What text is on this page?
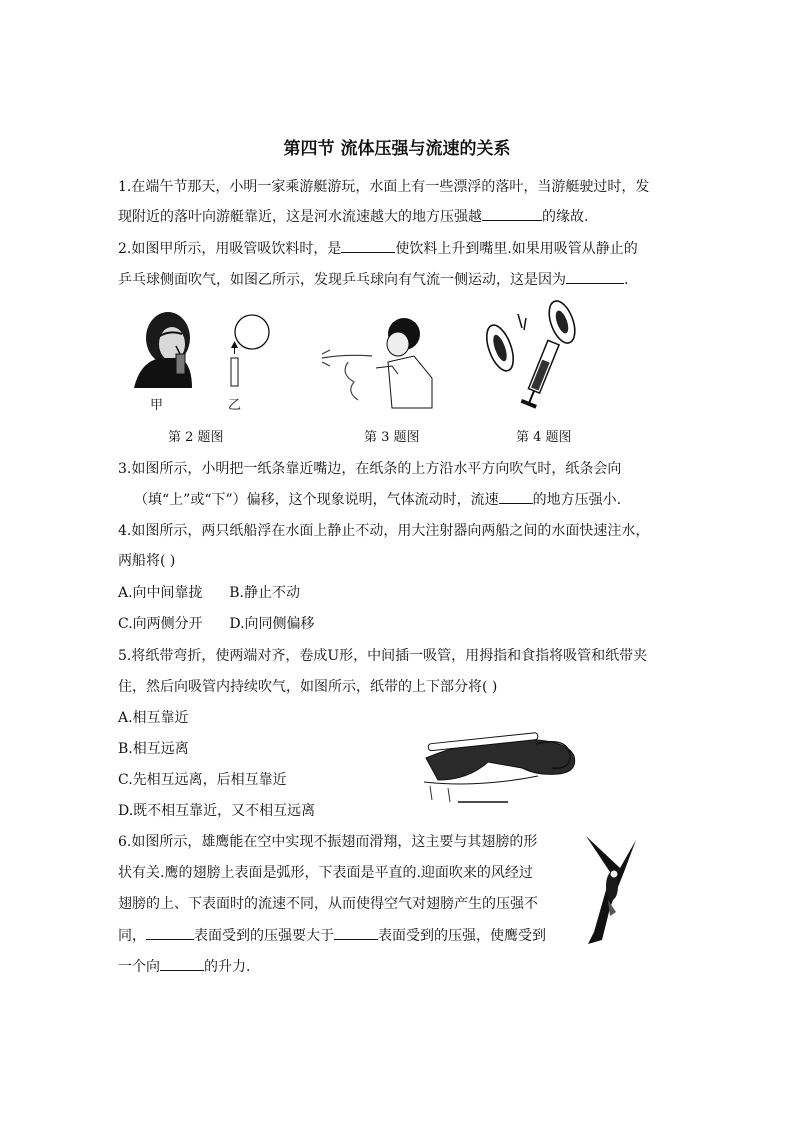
第四节 流体压强与流速的关系
1.在端午节那天，小明一家乘游艇游玩，水面上有一些漂浮的落叶，当游艇驶过时，发
现附近的落叶向游艇靠近，这是河水流速越大的地方压强越	的缘故.
2.如图甲所示，用吸管吸饮料时，是	使饮料上升到嘴里.如果用吸管从静止的
乒乓球侧面吹气，如图乙所示，发现乒乓球向有气流一侧运动，这是因为	.
甲	乙
第 2 题图	第 3 题图	第 4 题图
3.如图所示，小明把一纸条靠近嘴边，在纸条的上方沿水平方向吹气时，纸条会向
（填“上”或“下”）偏移，这个现象说明，气体流动时，流速 的地方压强小.
4.如图所示，两只纸船浮在水面上静止不动，用大注射器向两船之间的水面快速注水，
两船将( )
A.向中间靠拢      B.静止不动
C.向两侧分开      D.向同侧偏移
5.将纸带弯折，使两端对齐，卷成U形，中间插一吸管，用拇指和食指将吸管和纸带夹
住，然后向吸管内持续吹气，如图所示，纸带的上下部分将( )
A.相互靠近
B.相互远离
C.先相互远离，后相互靠近
D.既不相互靠近，又不相互远离
6.如图所示，雄鹰能在空中实现不振翅而滑翔，这主要与其翅膀的形
状有关.鹰的翅膀上表面是弧形，下表面是平直的.迎面吹来的风经过
翅膀的上、下表面时的流速不同，从而使得空气对翅膀产生的压强不
同，	表面受到的压强要大于	表面受到的压强，使鹰受到
一个向	的升力.
